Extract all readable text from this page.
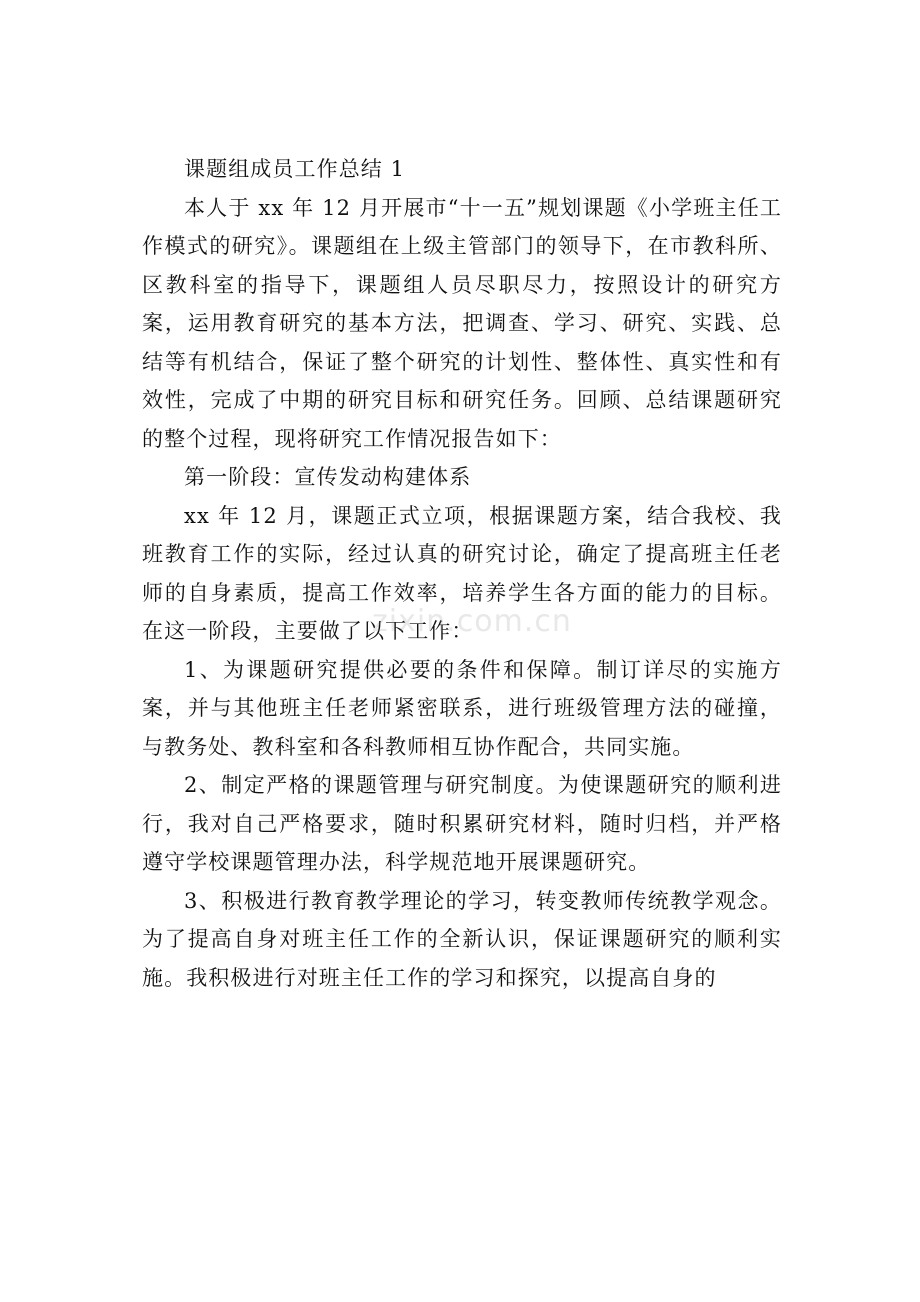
课题组成员工作总结 1

本人于 xx 年 12 月开展市“十一五”规划课题《小学班主任工作模式的研究》。课题组在上级主管部门的领导下，在市教科所、区教科室的指导下，课题组人员尽职尽力，按照设计的研究方案，运用教育研究的基本方法，把调查、学习、研究、实践、总结等有机结合，保证了整个研究的计划性、整体性、真实性和有效性，完成了中期的研究目标和研究任务。回顾、总结课题研究的整个过程，现将研究工作情况报告如下：

第一阶段：宣传发动构建体系

xx 年 12 月，课题正式立项，根据课题方案，结合我校、我班教育工作的实际，经过认真的研究讨论，确定了提高班主任老师的自身素质，提高工作效率，培养学生各方面的能力的目标。在这一阶段，主要做了以下工作：

1、为课题研究提供必要的条件和保障。制订详尽的实施方案，并与其他班主任老师紧密联系，进行班级管理方法的碰撞，与教务处、教科室和各科教师相互协作配合，共同实施。

2、制定严格的课题管理与研究制度。为使课题研究的顺利进行，我对自己严格要求，随时积累研究材料，随时归档，并严格遵守学校课题管理办法，科学规范地开展课题研究。

3、积极进行教育教学理论的学习，转变教师传统教学观念。为了提高自身对班主任工作的全新认识，保证课题研究的顺利实施。我积极进行对班主任工作的学习和探究，以提高自身的

zixin.com.cn
